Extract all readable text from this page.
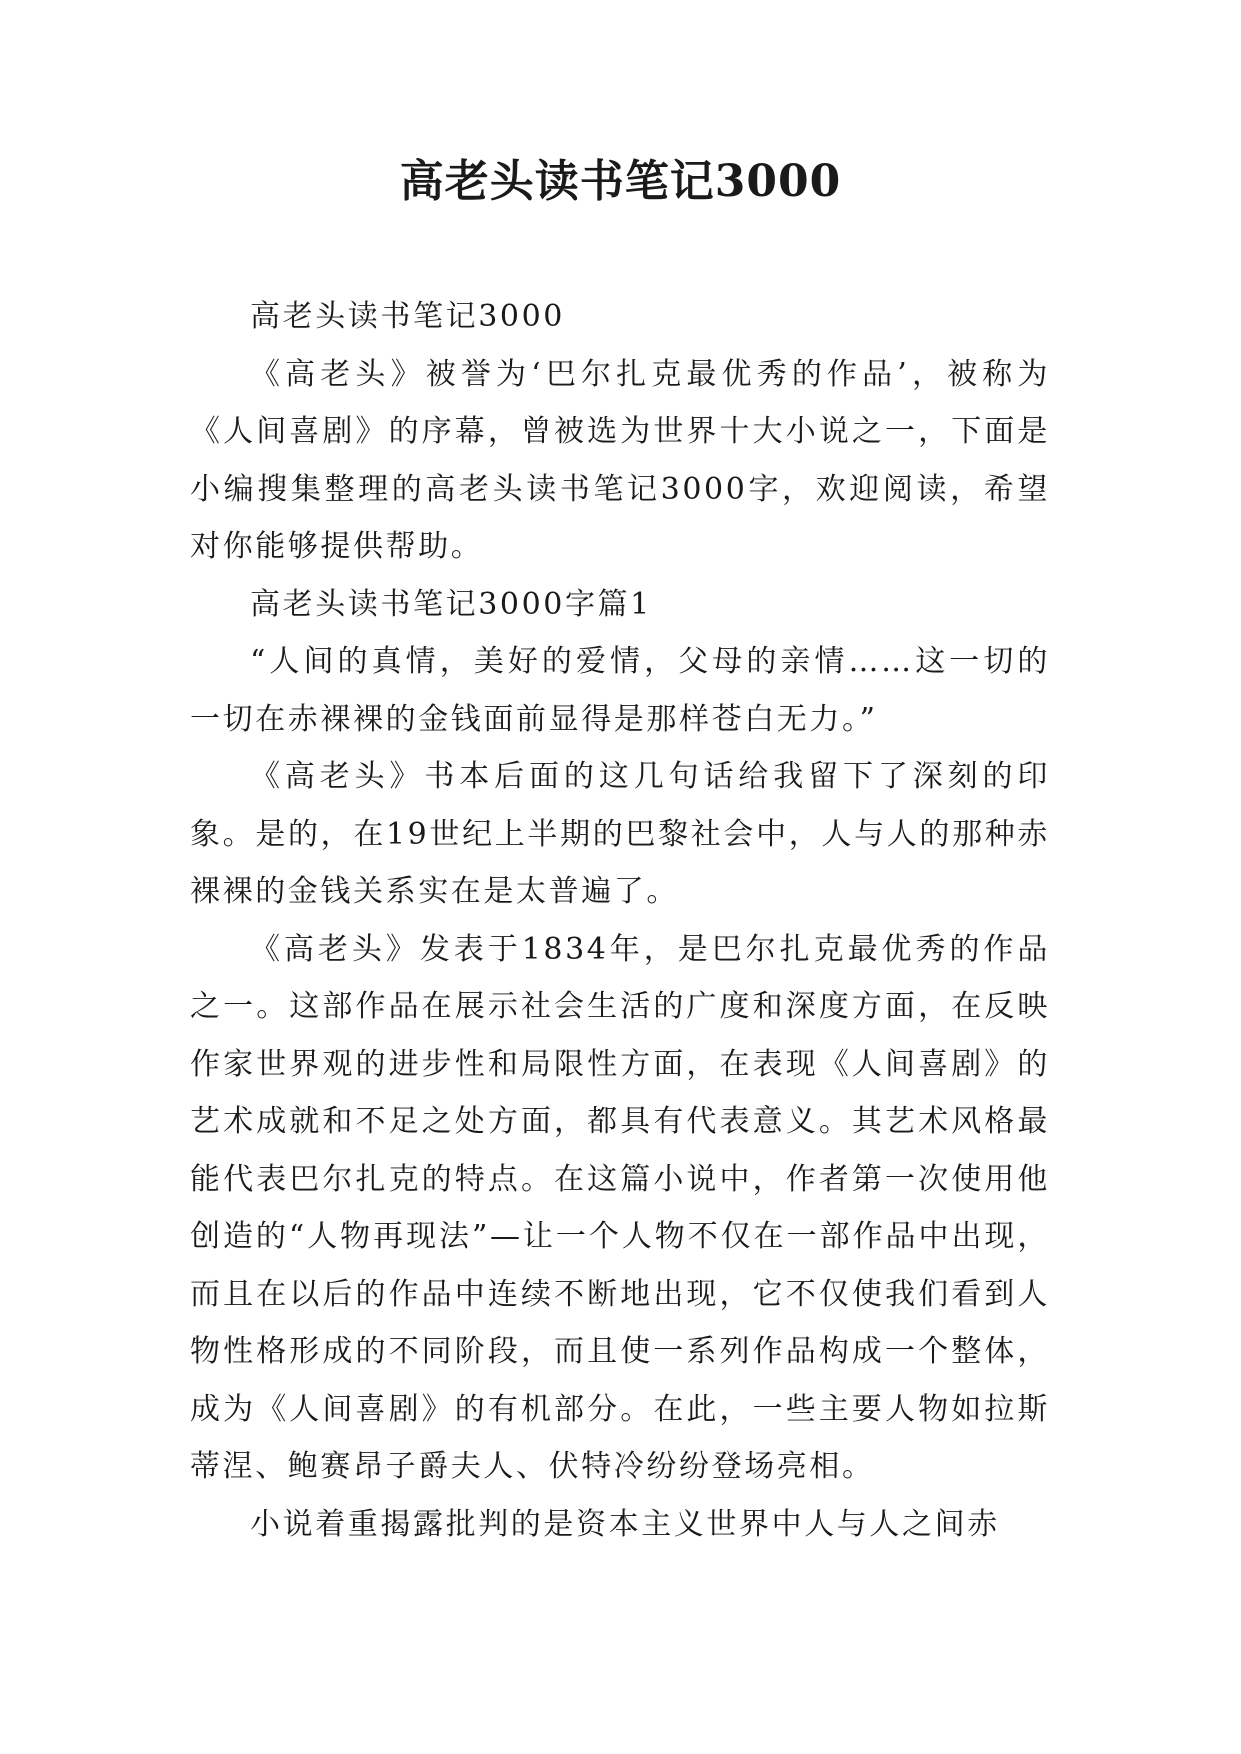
高老头读书笔记3000

高老头读书笔记3000

《高老头》被誉为‘巴尔扎克最优秀的作品’，被称为《人间喜剧》的序幕，曾被选为世界十大小说之一，下面是小编搜集整理的高老头读书笔记3000字，欢迎阅读，希望对你能够提供帮助。

高老头读书笔记3000字篇1

“人间的真情，美好的爱情，父母的亲情……这一切的一切在赤裸裸的金钱面前显得是那样苍白无力。”

《高老头》书本后面的这几句话给我留下了深刻的印象。是的，在19世纪上半期的巴黎社会中，人与人的那种赤裸裸的金钱关系实在是太普遍了。

《高老头》发表于1834年，是巴尔扎克最优秀的作品之一。这部作品在展示社会生活的广度和深度方面，在反映作家世界观的进步性和局限性方面，在表现《人间喜剧》的艺术成就和不足之处方面，都具有代表意义。其艺术风格最能代表巴尔扎克的特点。在这篇小说中，作者第一次使用他创造的“人物再现法”—让一个人物不仅在一部作品中出现，而且在以后的作品中连续不断地出现，它不仅使我们看到人物性格形成的不同阶段，而且使一系列作品构成一个整体，成为《人间喜剧》的有机部分。在此，一些主要人物如拉斯蒂涅、鲍赛昂子爵夫人、伏特冷纷纷登场亮相。

小说着重揭露批判的是资本主义世界中人与人之间赤
